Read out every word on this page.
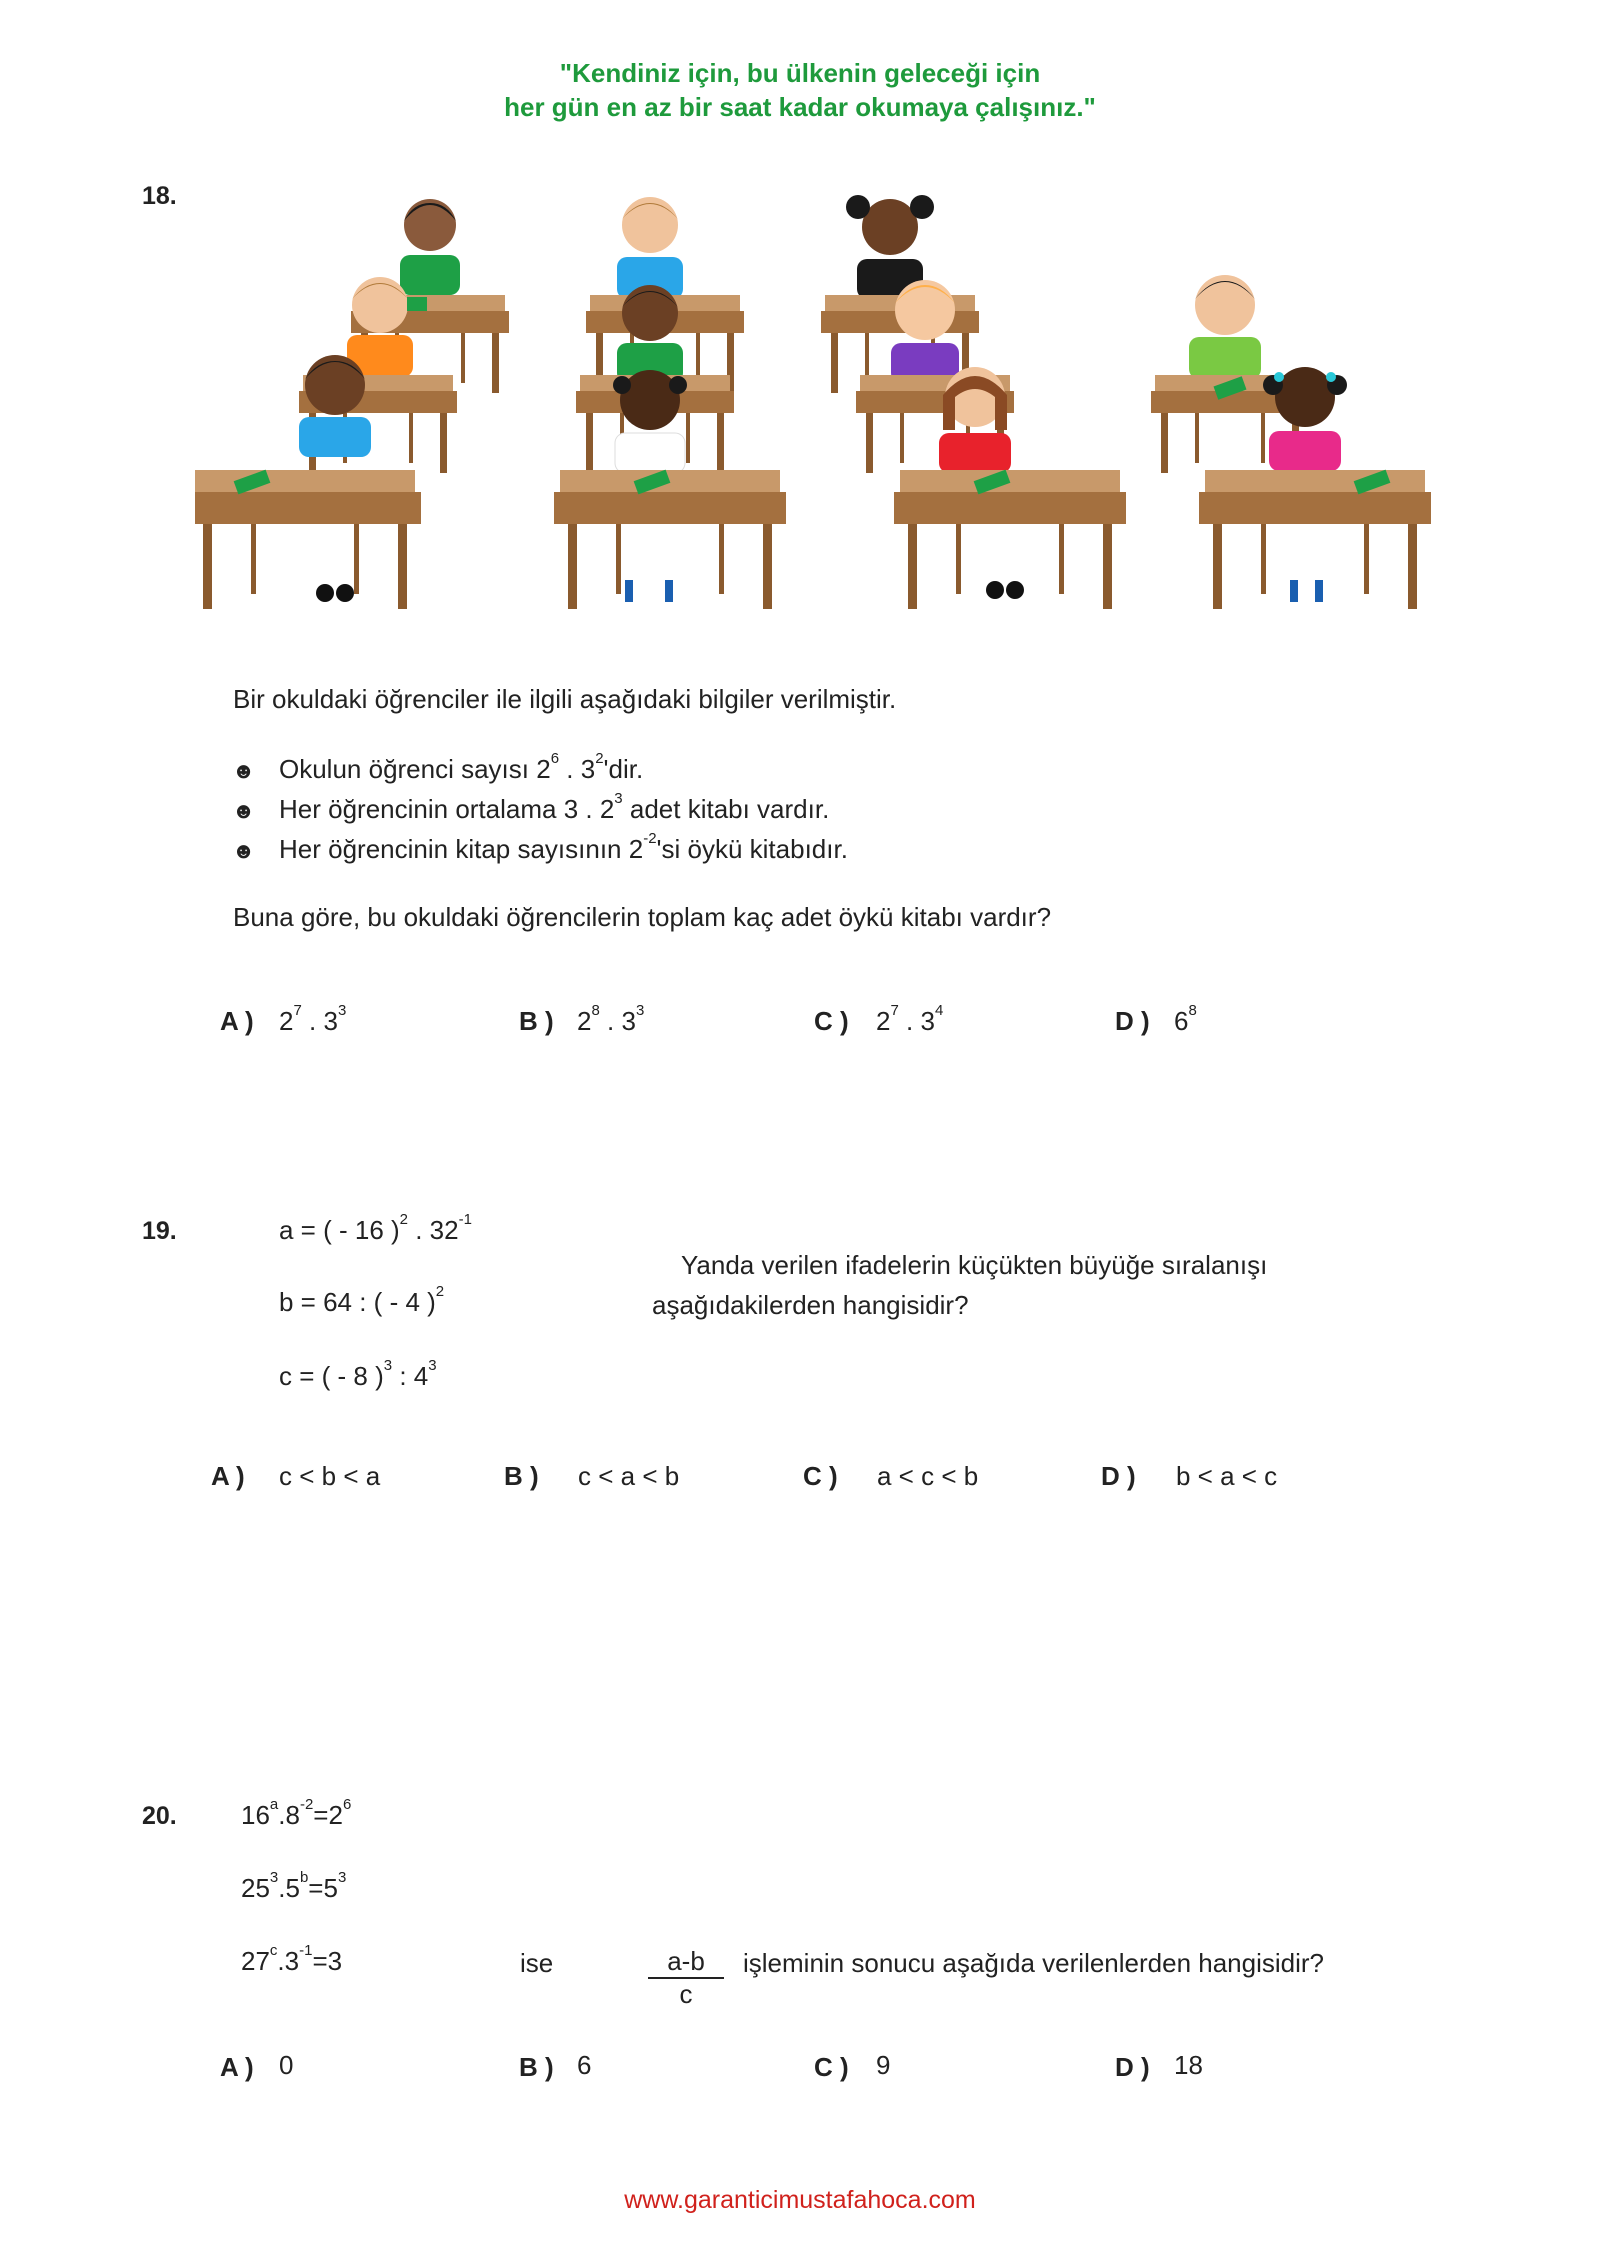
"Kendiniz için, bu ülkenin geleceği için
her gün en az bir saat kadar okumaya çalışınız."
18.
Bir okuldaki öğrenciler ile ilgili aşağıdaki bilgiler verilmiştir.
☻ Okulun öğrenci sayısı $2^6$ . $3^2'dir$.
☻ Her öğrencinin ortalama 3 . $2^3$ adet kitabı vardır.
☻ Her öğrencinin kitap sayısının $2^{-2}'si$ öykü kitabıdır.
Buna göre, bu okuldaki öğrencilerin toplam kaç adet öykü kitabı vardır?
A ) $2^7$ . $3^3$	B ) $2^8$ . $3^3$	C ) $2^7$ . $3^4$	D ) $6^8$
19.	a = ( - 16 )$^2$ . $32^{-1}$
b = 64 : ( - 4 )$^2$
c = ( - 8 )$^3$ : $4^3$
Yanda verilen ifadelerin küçükten büyüğe sıralanışı
aşağıdakilerden hangisidir?
A ) c < b < a	B ) c < a < b	C ) a < c < b	D ) b < a < c
20. $16^a.8^{-2}=2^6$
$25^3.5^b=5^3$
$27^c.3^{-1}=3$	ise	a-b
c
işleminin sonucu aşağıda verilenlerden hangisidir?
A ) 0	B ) 6	C ) 9	D ) 18
www.garanticimustafahoca.com
